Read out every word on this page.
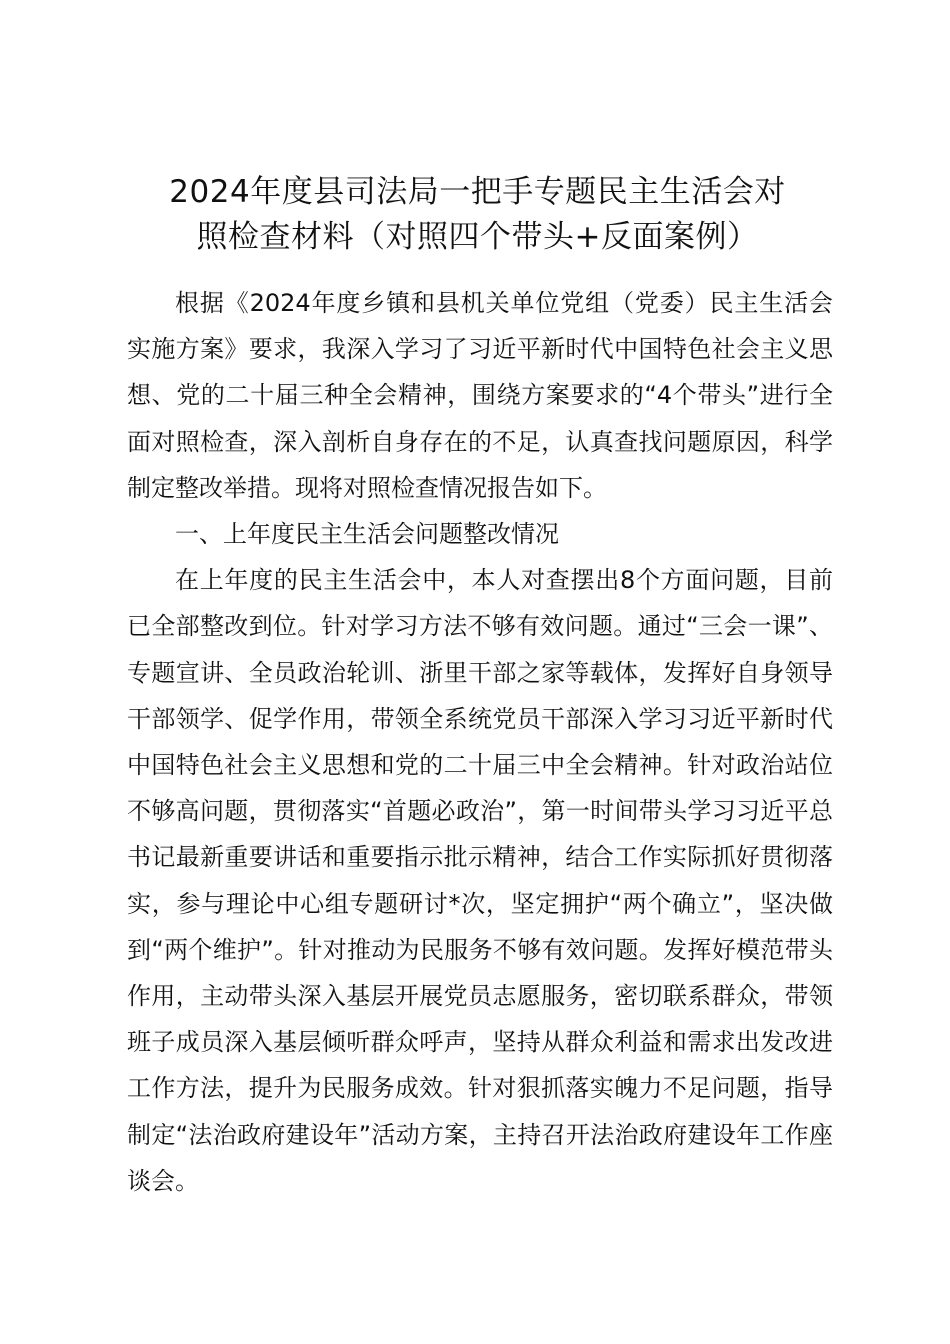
2024年度县司法局一把手专题民主生活会对
照检查材料（对照四个带头+反面案例）

根据《2024年度乡镇和县机关单位党组（党委）民主生活会实施方案》要求，我深入学习了习近平新时代中国特色社会主义思想、党的二十届三种全会精神，围绕方案要求的“4个带头”进行全面对照检查，深入剖析自身存在的不足，认真查找问题原因，科学制定整改举措。现将对照检查情况报告如下。

一、上年度民主生活会问题整改情况

在上年度的民主生活会中，本人对查摆出8个方面问题，目前已全部整改到位。针对学习方法不够有效问题。通过“三会一课”、专题宣讲、全员政治轮训、浙里干部之家等载体，发挥好自身领导干部领学、促学作用，带领全系统党员干部深入学习习近平新时代中国特色社会主义思想和党的二十届三中全会精神。针对政治站位不够高问题，贯彻落实“首题必政治”，第一时间带头学习习近平总书记最新重要讲话和重要指示批示精神，结合工作实际抓好贯彻落实，参与理论中心组专题研讨*次，坚定拥护“两个确立”，坚决做到“两个维护”。针对推动为民服务不够有效问题。发挥好模范带头作用，主动带头深入基层开展党员志愿服务，密切联系群众，带领班子成员深入基层倾听群众呼声，坚持从群众利益和需求出发改进工作方法，提升为民服务成效。针对狠抓落实魄力不足问题，指导制定“法治政府建设年”活动方案，主持召开法治政府建设年工作座谈会。
